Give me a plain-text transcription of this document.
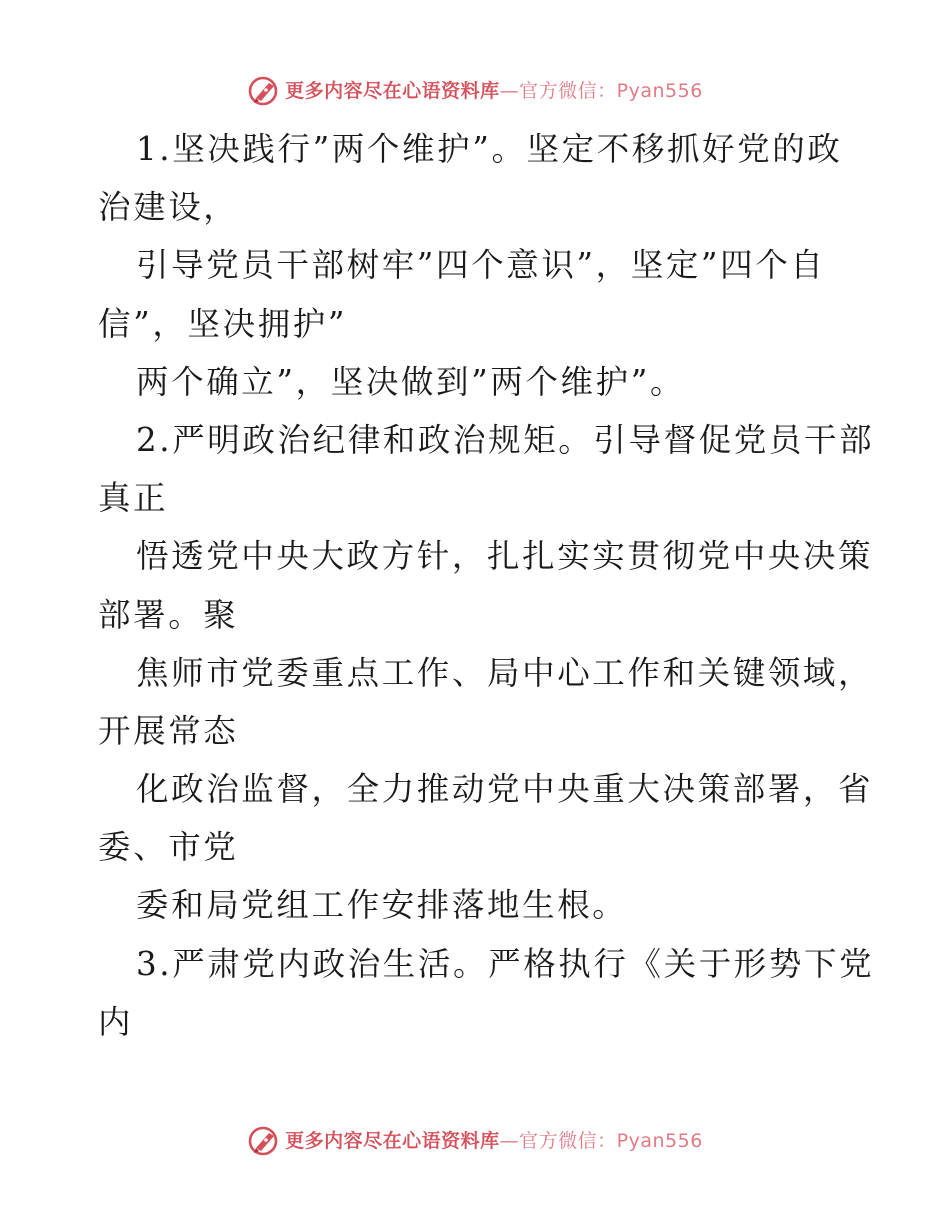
更多内容尽在心语资料库 —官方微信：Pyan556
1.坚决践行”两个维护”。坚定不移抓好党的政
治建设，
引导党员干部树牢”四个意识”，坚定”四个自
信”，坚决拥护”
两个确立”，坚决做到”两个维护”。
2.严明政治纪律和政治规矩。引导督促党员干部
真正
悟透党中央大政方针，扎扎实实贯彻党中央决策
部署。聚
焦师市党委重点工作、局中心工作和关键领域，
开展常态
化政治监督，全力推动党中央重大决策部署，省
委、市党
委和局党组工作安排落地生根。
3.严肃党内政治生活。严格执行《关于形势下党
内
更多内容尽在心语资料库 —官方微信：Pyan556
